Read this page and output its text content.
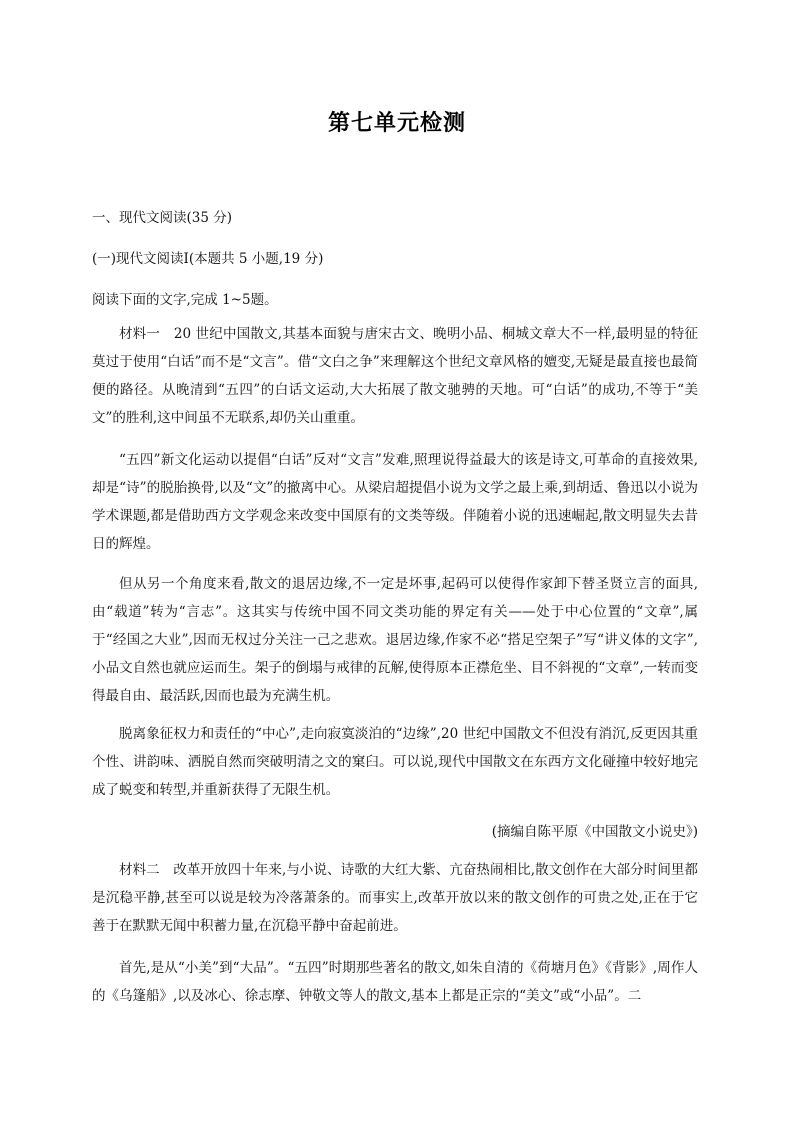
第七单元检测
一、现代文阅读(35 分)
(一)现代文阅读Ⅰ(本题共 5 小题,19 分)
阅读下面的文字,完成 1~5题。

材料一　20 世纪中国散文,其基本面貌与唐宋古文、晚明小品、桐城文章大不一样,最明显的特征莫过于使用“白话”而不是“文言”。借“文白之争”来理解这个世纪文章风格的嬗变,无疑是最直接也最简便的路径。从晚清到“五四”的白话文运动,大大拓展了散文驰骋的天地。可“白话”的成功,不等于“美文”的胜利,这中间虽不无联系,却仍关山重重。

“五四”新文化运动以提倡“白话”反对“文言”发难,照理说得益最大的该是诗文,可革命的直接效果,却是“诗”的脱胎换骨,以及“文”的撤离中心。从梁启超提倡小说为文学之最上乘,到胡适、鲁迅以小说为学术课题,都是借助西方文学观念来改变中国原有的文类等级。伴随着小说的迅速崛起,散文明显失去昔日的辉煌。

但从另一个角度来看,散文的退居边缘,不一定是坏事,起码可以使得作家卸下替圣贤立言的面具,由“载道”转为“言志”。这其实与传统中国不同文类功能的界定有关——处于中心位置的“文章”,属于“经国之大业”,因而无权过分关注一己之悲欢。退居边缘,作家不必“搭足空架子”写“讲义体的文字”,小品文自然也就应运而生。架子的倒塌与戒律的瓦解,使得原本正襟危坐、目不斜视的“文章”,一转而变得最自由、最活跃,因而也最为充满生机。

脱离象征权力和责任的“中心”,走向寂寞淡泊的“边缘”,20 世纪中国散文不但没有消沉,反更因其重个性、讲韵味、洒脱自然而突破明清之文的窠臼。可以说,现代中国散文在东西方文化碰撞中较好地完成了蜕变和转型,并重新获得了无限生机。

(摘编自陈平原《中国散文小说史》)

材料二　改革开放四十年来,与小说、诗歌的大红大紫、亢奋热闹相比,散文创作在大部分时间里都是沉稳平静,甚至可以说是较为冷落萧条的。而事实上,改革开放以来的散文创作的可贵之处,正在于它善于在默默无闻中积蓄力量,在沉稳平静中奋起前进。

首先,是从“小美”到“大品”。“五四”时期那些著名的散文,如朱自清的《荷塘月色》《背影》,周作人的《乌篷船》,以及冰心、徐志摩、钟敬文等人的散文,基本上都是正宗的“美文”或“小品”。二
